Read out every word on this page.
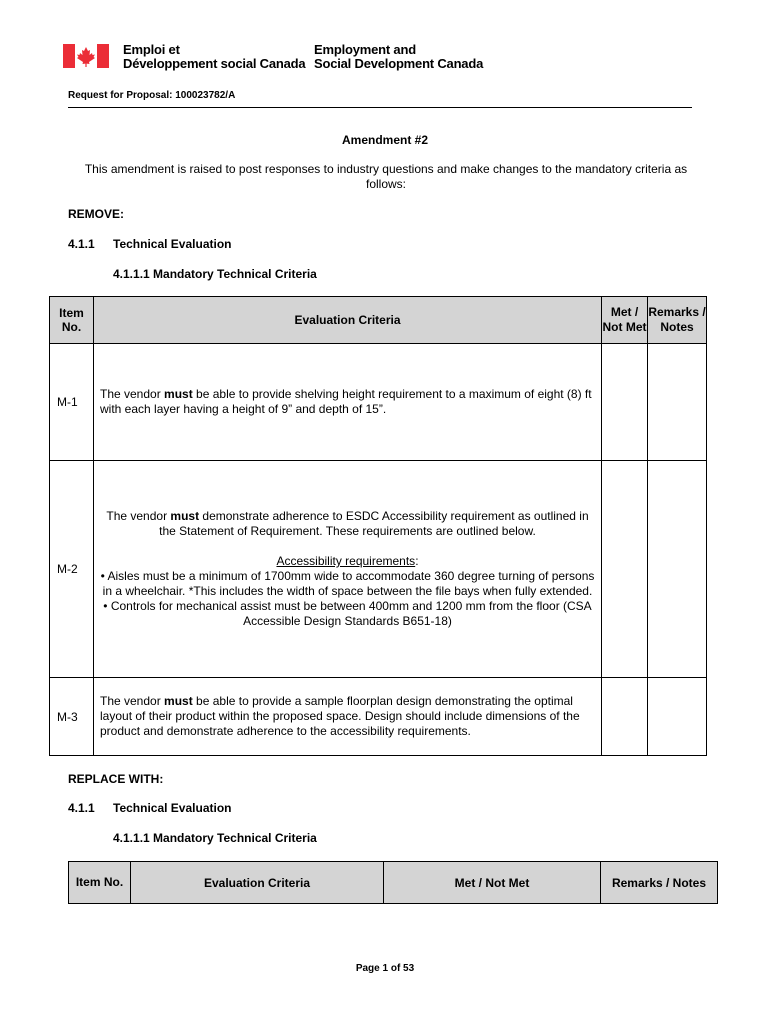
Emploi et
Développement social Canada
Employment and
Social Development Canada
Request for Proposal: 100023782/A
Amendment #2
This amendment is raised to post responses to industry questions and make changes to the mandatory criteria as follows:
REMOVE:
4.1.1 Technical Evaluation
4.1.1.1 Mandatory Technical Criteria
Item No.	Evaluation Criteria	Met / Not Met	Remarks / Notes
M-1	The vendor must be able to provide shelving height requirement to a maximum of eight (8) ft with each layer having a height of 9” and depth of 15”.		

M-2	The vendor must demonstrate adherence to ESDC Accessibility requirement as outlined in the Statement of Requirement. These requirements are outlined below.
Accessibility requirements:
• Aisles must be a minimum of 1700mm wide to accommodate 360 degree turning of persons in a wheelchair. *This includes the width of space between the file bays when fully extended.
• Controls for mechanical assist must be between 400mm and 1200 mm from the floor (CSA Accessible Design Standards B651-18)		

M-3	The vendor must be able to provide a sample floorplan design demonstrating the optimal layout of their product within the proposed space. Design should include dimensions of the product and demonstrate adherence to the accessibility requirements.		

REPLACE WITH:
4.1.1 Technical Evaluation
4.1.1.1 Mandatory Technical Criteria
Item No.	Evaluation Criteria	Met / Not Met	Remarks / Notes
Page 1 of 53
